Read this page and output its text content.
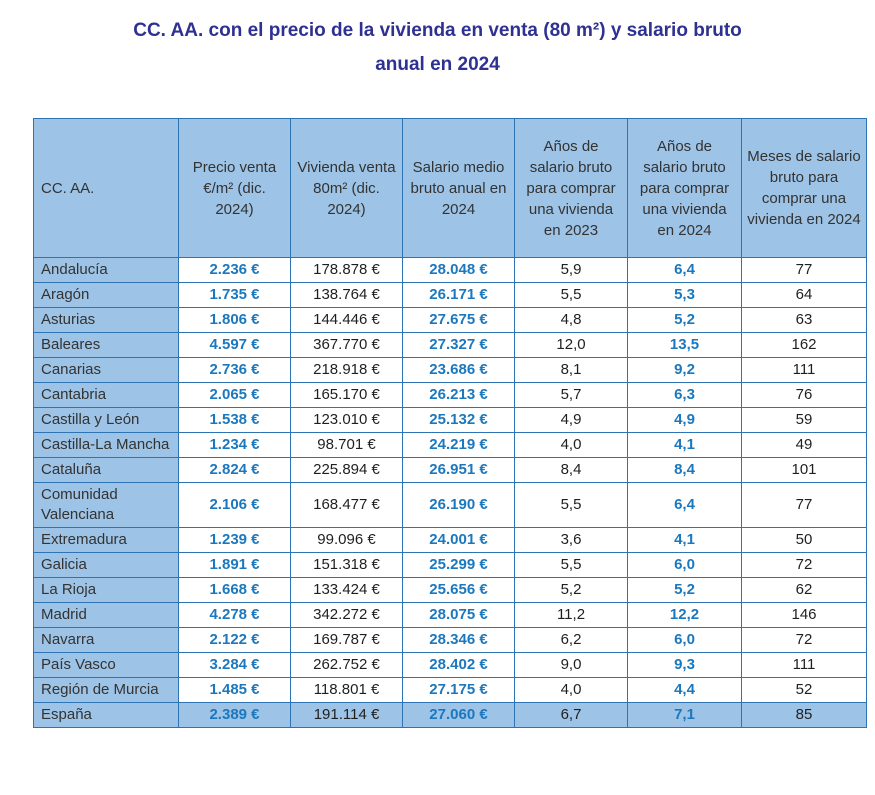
CC. AA. con el precio de la vivienda en venta (80 m²) y salario bruto
anual en 2024
CC. AA.	Precio venta €/m² (dic. 2024)	Vivienda venta 80m² (dic. 2024)	Salario medio bruto anual en 2024	Años de salario bruto para comprar una vivienda en 2023	Años de salario bruto para comprar una vivienda en 2024	Meses de salario bruto para comprar una vivienda en 2024
Andalucía	2.236 €	178.878 €	28.048 €	5,9	6,4	77
Aragón	1.735 €	138.764 €	26.171 €	5,5	5,3	64
Asturias	1.806 €	144.446 €	27.675 €	4,8	5,2	63
Baleares	4.597 €	367.770 €	27.327 €	12,0	13,5	162
Canarias	2.736 €	218.918 €	23.686 €	8,1	9,2	111
Cantabria	2.065 €	165.170 €	26.213 €	5,7	6,3	76
Castilla y León	1.538 €	123.010 €	25.132 €	4,9	4,9	59
Castilla-La Mancha	1.234 €	98.701 €	24.219 €	4,0	4,1	49
Cataluña	2.824 €	225.894 €	26.951 €	8,4	8,4	101
Comunidad Valenciana	2.106 €	168.477 €	26.190 €	5,5	6,4	77
Extremadura	1.239 €	99.096 €	24.001 €	3,6	4,1	50
Galicia	1.891 €	151.318 €	25.299 €	5,5	6,0	72
La Rioja	1.668 €	133.424 €	25.656 €	5,2	5,2	62
Madrid	4.278 €	342.272 €	28.075 €	11,2	12,2	146
Navarra	2.122 €	169.787 €	28.346 €	6,2	6,0	72
País Vasco	3.284 €	262.752 €	28.402 €	9,0	9,3	111
Región de Murcia	1.485 €	118.801 €	27.175 €	4,0	4,4	52
España	2.389 €	191.114 €	27.060 €	6,7	7,1	85
